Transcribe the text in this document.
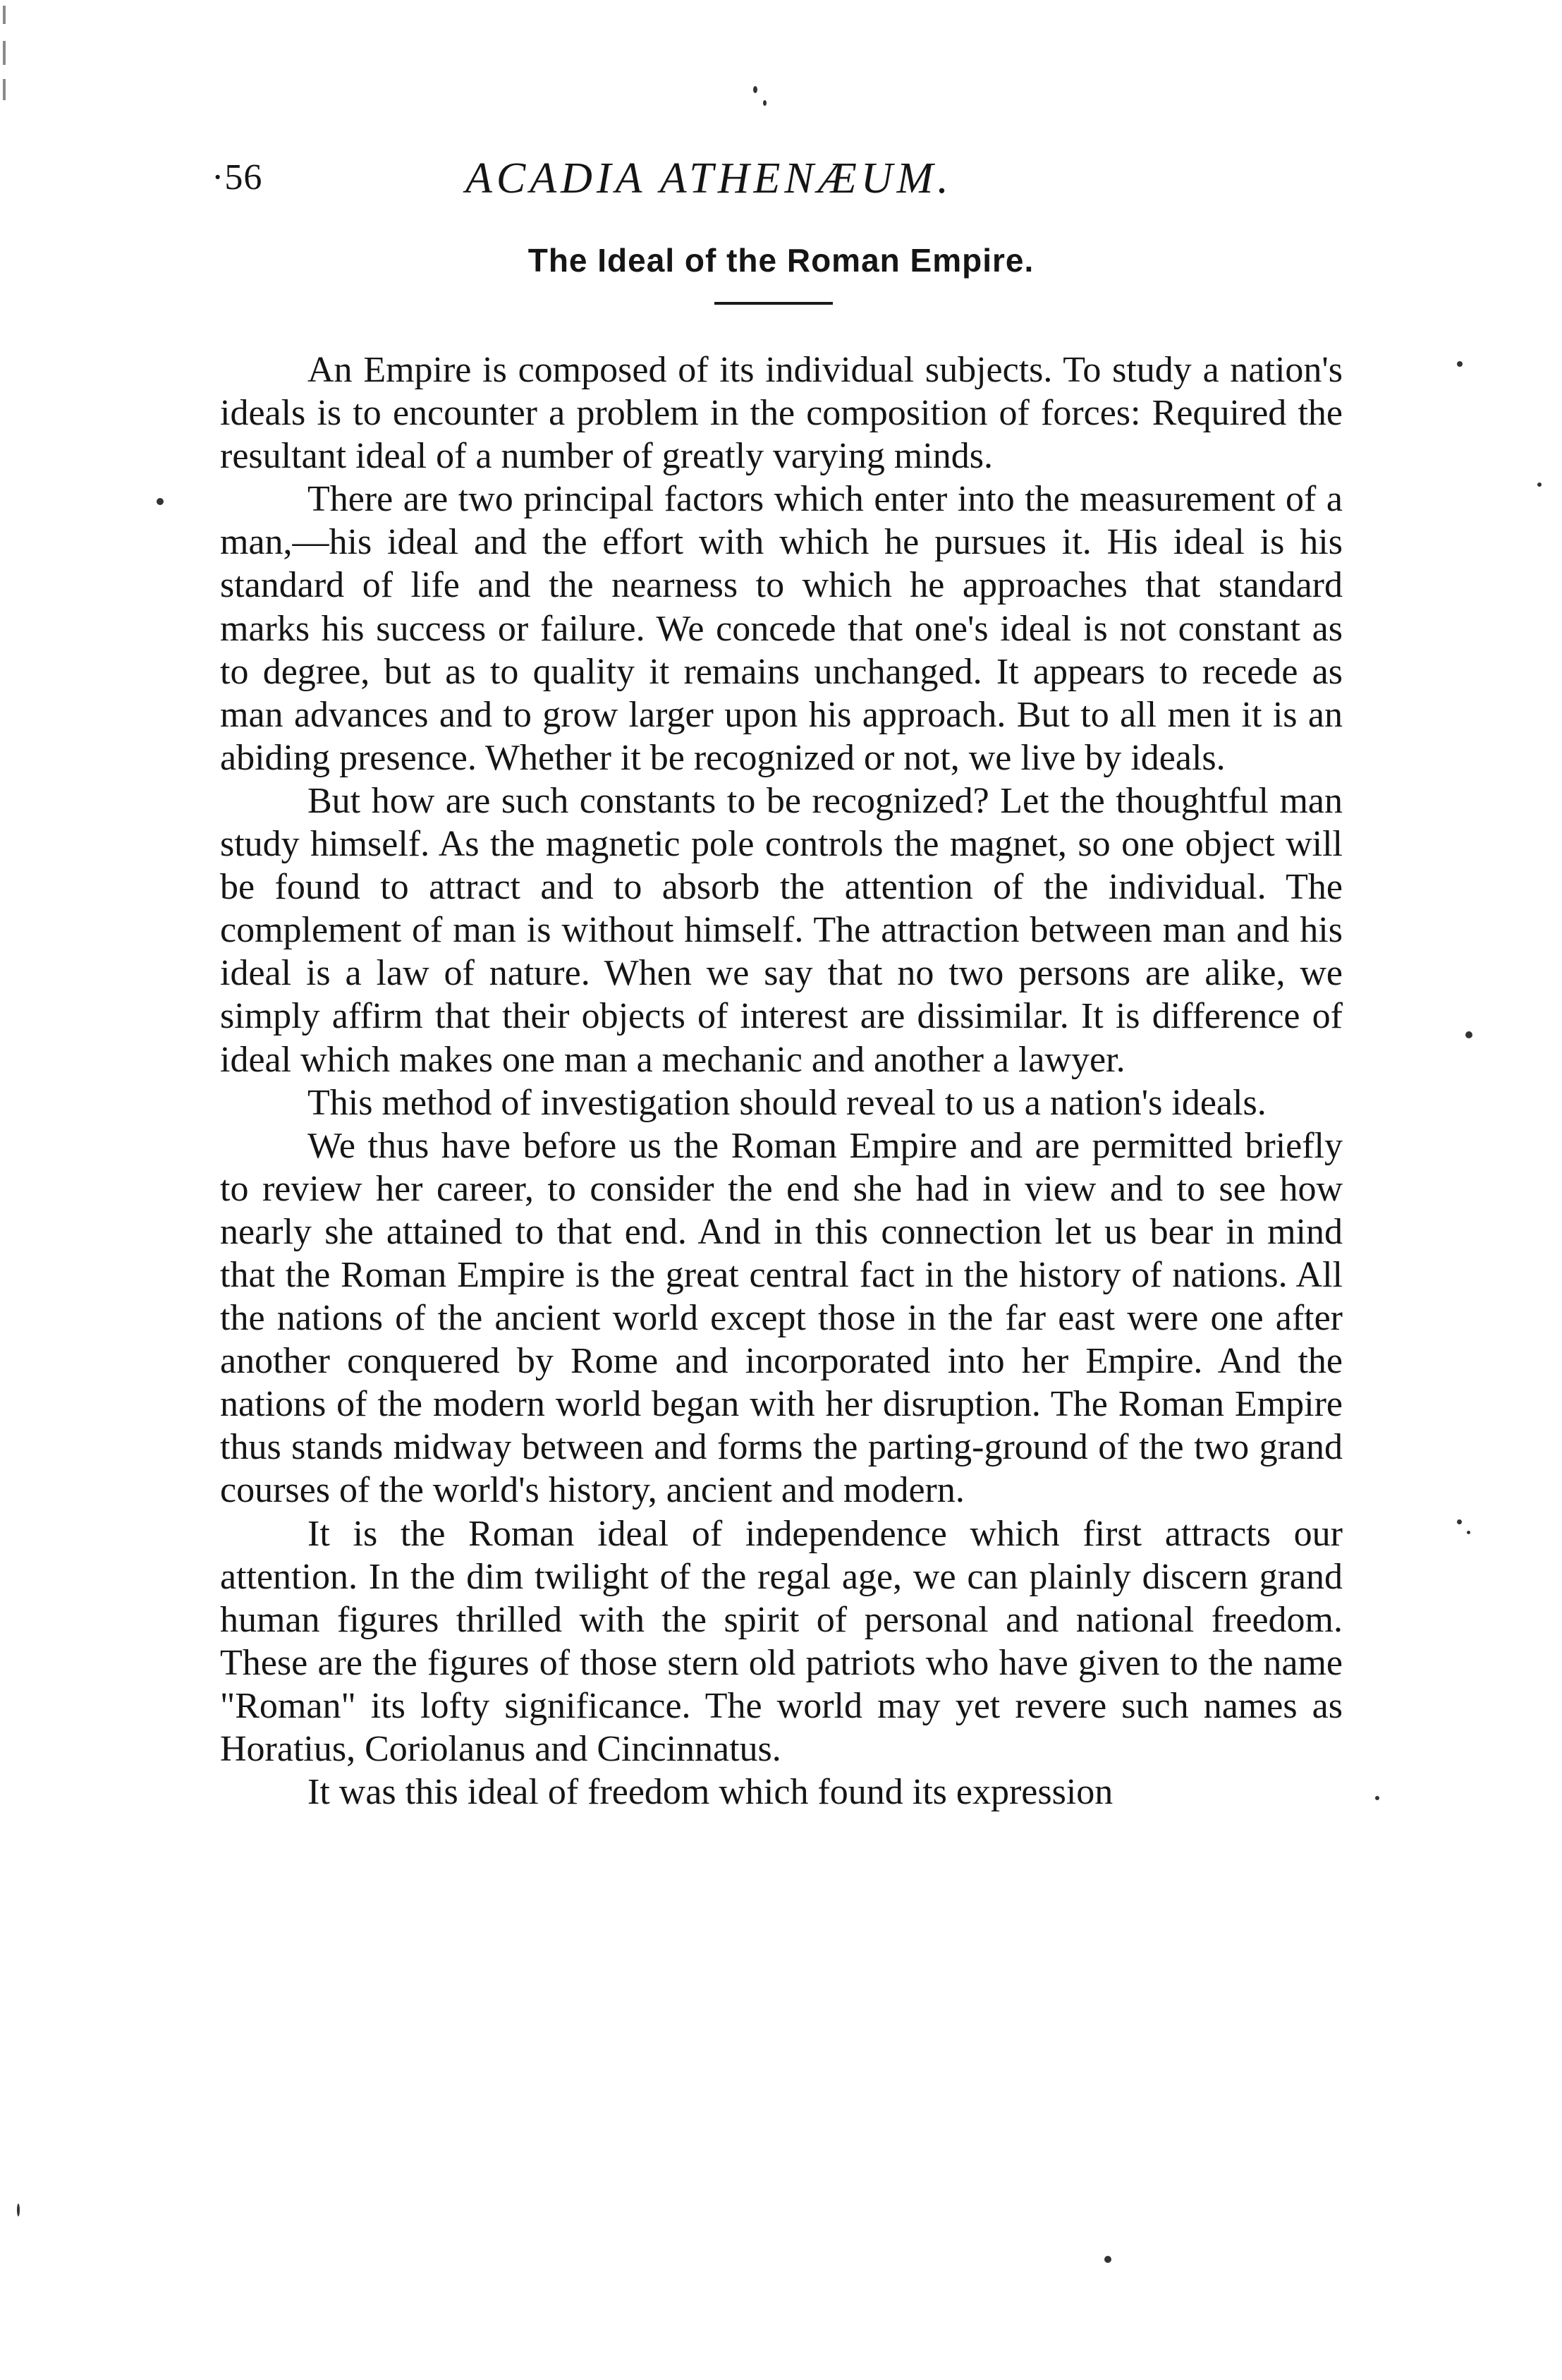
·56	ACADIA ATHENÆUM.
The Ideal of the Roman Empire.

An Empire is composed of its individual subjects. To study a nation's ideals is to encounter a problem in the composition of forces: Required the resultant ideal of a number of greatly varying minds.

There are two principal factors which enter into the measurement of a man,—his ideal and the effort with which he pursues it. His ideal is his standard of life and the nearness to which he approaches that standard marks his success or failure. We concede that one's ideal is not constant as to degree, but as to quality it remains unchanged. It appears to recede as man advances and to grow larger upon his approach. But to all men it is an abiding presence. Whether it be recognized or not, we live by ideals.

But how are such constants to be recognized? Let the thoughtful man study himself. As the magnetic pole controls the magnet, so one object will be found to attract and to absorb the attention of the individual. The complement of man is without himself. The attraction between man and his ideal is a law of nature. When we say that no two persons are alike, we simply affirm that their objects of interest are dissimilar. It is difference of ideal which makes one man a mechanic and another a lawyer.

This method of investigation should reveal to us a nation's ideals.

We thus have before us the Roman Empire and are permitted briefly to review her career, to consider the end she had in view and to see how nearly she attained to that end. And in this connection let us bear in mind that the Roman Empire is the great central fact in the history of nations. All the nations of the ancient world except those in the far east were one after another conquered by Rome and incorporated into her Empire. And the nations of the modern world began with her disruption. The Roman Empire thus stands midway between and forms the parting-ground of the two grand courses of the world's history, ancient and modern.

It is the Roman ideal of independence which first attracts our attention. In the dim twilight of the regal age, we can plainly discern grand human figures thrilled with the spirit of personal and national freedom. These are the figures of those stern old patriots who have given to the name "Roman" its lofty significance. The world may yet revere such names as Horatius, Coriolanus and Cincinnatus.

It was this ideal of freedom which found its expression
